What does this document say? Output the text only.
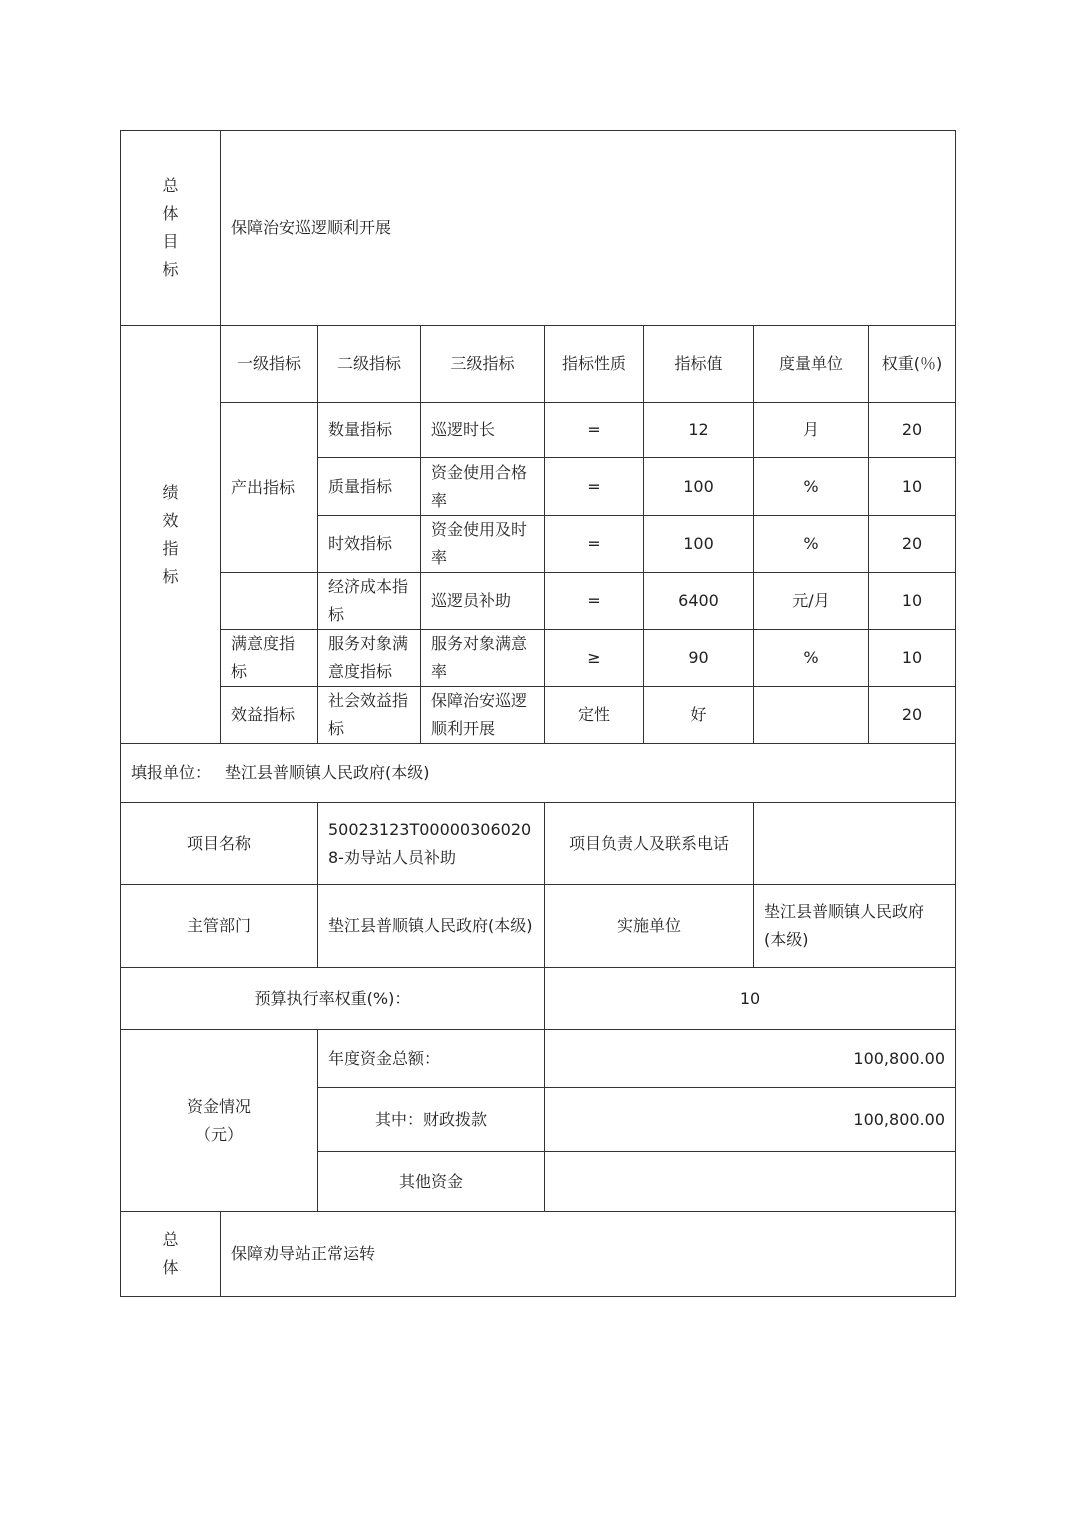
总
体
目
标	保障治安巡逻顺利开展						

绩
效
指
标	一级指标	二级指标	三级指标	指标性质	指标值	度量单位	权重(％)
	产出指标	数量指标	巡逻时长	=	12	月	20
		质量指标	资金使用合格率	=	100	%	10
		时效指标	资金使用及时率	=	100	%	20
		经济成本指标	巡逻员补助	=	6400	元/月	10
	满意度指标	服务对象满意度指标	服务对象满意率	≥	90	%	10
	效益指标	社会效益指标	保障治安巡逻顺利开展	定性	好		20
填报单位： 垫江县普顺镇人民政府(本级)							
项目名称		50023123T000003060208-劝导站人员补助		项目负责人及联系电话			
主管部门		垫江县普顺镇人民政府(本级)		实施单位		垫江县普顺镇人民政府(本级)	
预算执行率权重(%)：				10			

资金情况
（元）		年度资金总额：		100,800.00			
		其中：财政拨款		100,800.00			
		其他资金					

总
体	保障劝导站正常运转						
